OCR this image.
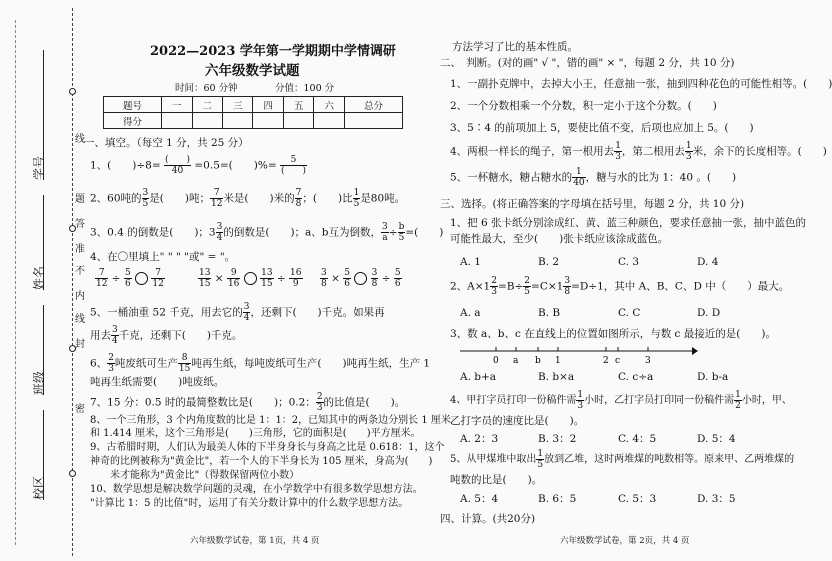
学号
姓名
班级
校区
线
题
答
准
不
内
线
封
密
2022—2023 学年第一学期期中学情调研
六年级数学试题
时间：60 分钟	分值：100 分
题号	一	二	三	四	五	六	总分
得分							
一、填空。（每空 1 分，共 25 分）
1、(　　)$\div 8= \frac{( )}{40} =0.5=$(　　)%= $\frac{5}{( )}$
2、60吨的 $\frac{3}{5}$ 是(　　)吨； $\frac{7}{12}$ 米是(　　)米的 $\frac{7}{8}$ ；(　　)比 $\frac{1}{5}$ 是80吨。
3、0.4 的倒数是(　　)；$3 \frac{3}{4}$ 的倒数是(　　)；a、b互为倒数， $\frac{3}{a} \div \frac{b}{5}$ =(　　)
4、在〇里填上" " " "或" = "。
$\frac{7}{12} \div \frac{5}{6}$
$\frac{7}{12}$	$\frac{13}{15} \times \frac{9}{16}$
$\frac{13}{15} \div \frac{16}{9} \frac{3}{8} \times \frac{5}{6}$
$\frac{3}{8} \div \frac{5}{6}$
5、一桶油重 52 千克，用去它的 $\frac{3}{4}$ ，还剩下(　　)千克。如果再
用去 $\frac{3}{4}$ 千克，还剩下(　　)千克。
6、 $\frac{2}{3}$ 吨废纸可生产 $\frac{8}{15}$ 吨再生纸，每吨废纸可生产(　　)吨再生纸，生产 1
吨再生纸需要(　　)吨废纸。
7、15 分：0.5 时的最简整数比是(　　)；0.2： $\frac{2}{3}$ 的比值是(　　)。
8、一个三角形，3 个内角度数的比是 1：1：2，已知其中的两条边分别长 1 厘米
和 1.414 厘米，这个三角形是(　　)三角形，它的面积是(　　)平方厘米。
9、古希腊时期，人们认为最美人体的下半身身长与身高之比是 0.618：1，这个
神奇的比例被称为"黄金比"，若一个人的下半身长为 105 厘米，身高为(　　)
　　米才能称为"黄金比"（得数保留两位小数）
10、数学思想是解决数学问题的灵魂，在小学数学中有很多数学思想方法。
"计算比 1：5 的比值"时，运用了有关分数计算中的什么数学思想方法。
六年级数学试卷，第 1页，共 4 页
方法学习了比的基本性质。
二、　判断。(对的画" √ "，错的画" × "，每题 2 分，共 10 分)
1、一副扑克牌中，去掉大小王，任意抽一张，抽到四种花色的可能性相等。(　　)
2、一个分数相乘一个分数，积一定小于这个分数。(　　)
3、5∶4 的前项加上 5，要使比值不变，后项也应加上 5。(　　)
4、两根一样长的绳子，第一根用去 $\frac{1}{3}$ ，第二根用去 $\frac{1}{3}$ 米，余下的长度相等。(　　)
5、一杯糖水，糖占糖水的 $\frac{1}{40}$ ，糖与水的比为 1：40 。(　　)
三、选择。(将正确答案的字母填在括号里，每题 2 分，共 10 分)
1、把 6 张卡纸分别涂成红、黄、蓝三种颜色，要求任意抽一张，抽中蓝色的
可能性最大，至少(　　)张卡纸应该涂成蓝色。
A. 1	B. 2	C. 3	D. 4
2、$A\times 1 \frac{2}{3} =B\div \frac{2}{5} =C\times 1 \frac{3}{8} =D\div 1$，其中 A、B、C、D 中（　　）最大。
A. a	B. B	C. C	D. D
3、数 a、b、c 在直线上的位置如图所示，与数 c 最接近的是(　　)。
0 a b 1	2 c	3
A. b+a	B. b×a	C. c÷a	D. b-a
4、甲打字员打印一份稿件需 $\frac{1}{3}$ 小时，乙打字员打印同一份稿件需 $\frac{1}{2}$ 小时，甲、
乙打字员的速度比是(　　)。
A. 2：3	B. 3：2	C. 4：5	D. 5：4
5、从甲煤堆中取出 $\frac{1}{5}$ 放到乙堆，这时两堆煤的吨数相等。原来甲、乙两堆煤的
吨数的比是(　　)。
A. 5：4	B. 6：5	C. 5：3	D. 3：5
四、计算。(共20分)
六年级数学试卷，第 2页，共 4 页
